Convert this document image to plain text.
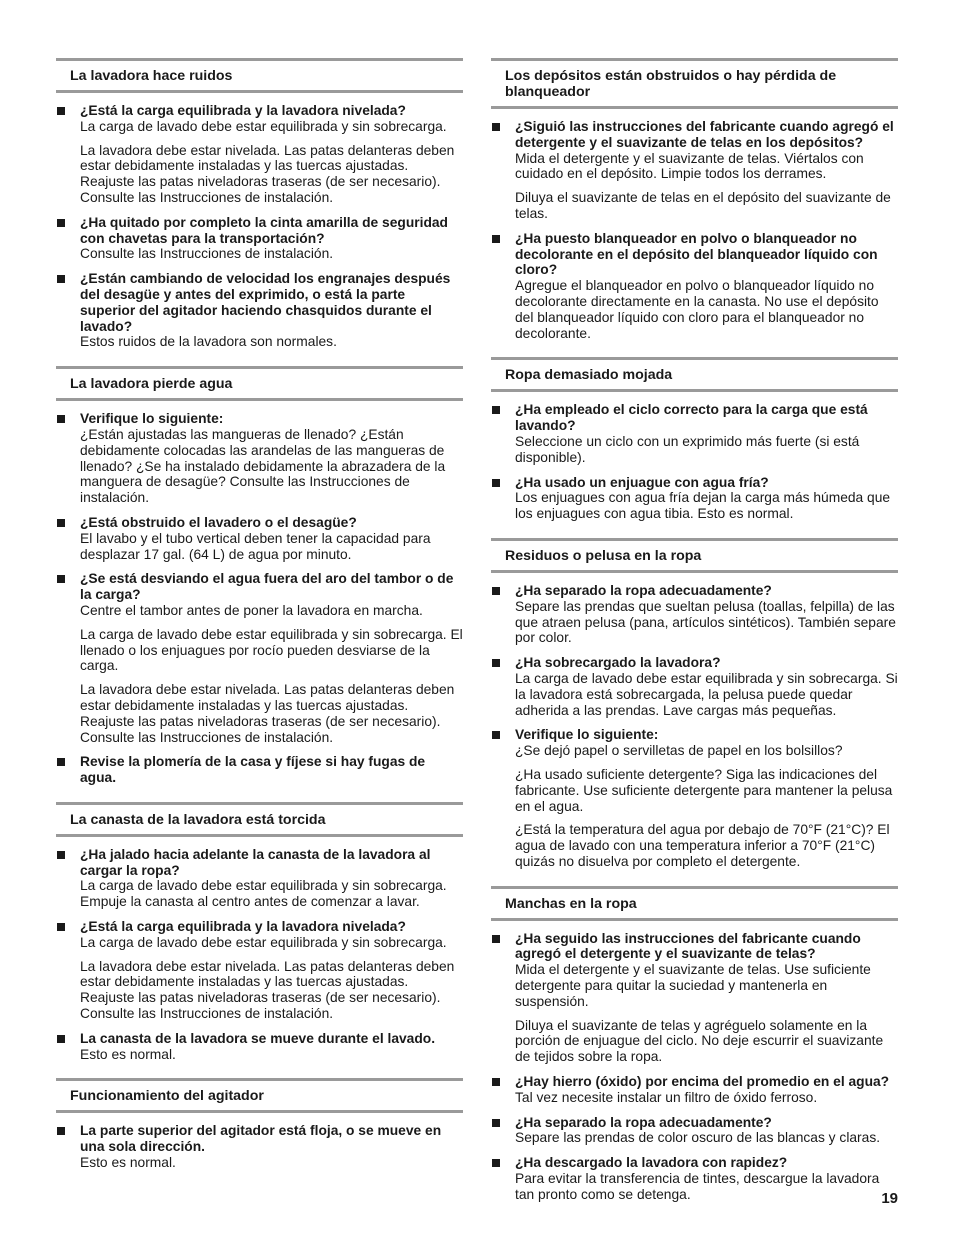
La lavadora hace ruidos
¿Está la carga equilibrada y la lavadora nivelada?
La carga de lavado debe estar equilibrada y sin sobrecarga.
La lavadora debe estar nivelada. Las patas delanteras deben estar debidamente instaladas y las tuercas ajustadas. Reajuste las patas niveladoras traseras (de ser necesario). Consulte las Instrucciones de instalación.
¿Ha quitado por completo la cinta amarilla de seguridad con chavetas para la transportación?
Consulte las Instrucciones de instalación.
¿Están cambiando de velocidad los engranajes después del desagüe y antes del exprimido, o está la parte superior del agitador haciendo chasquidos durante el lavado?
Estos ruidos de la lavadora son normales.
La lavadora pierde agua
Verifique lo siguiente:
¿Están ajustadas las mangueras de llenado? ¿Están debidamente colocadas las arandelas de las mangueras de llenado? ¿Se ha instalado debidamente la abrazadera de la manguera de desagüe? Consulte las Instrucciones de instalación.
¿Está obstruido el lavadero o el desagüe?
El lavabo y el tubo vertical deben tener la capacidad para desplazar 17 gal. (64 L) de agua por minuto.
¿Se está desviando el agua fuera del aro del tambor o de la carga?
Centre el tambor antes de poner la lavadora en marcha.
La carga de lavado debe estar equilibrada y sin sobrecarga. El llenado o los enjuagues por rocío pueden desviarse de la carga.
La lavadora debe estar nivelada. Las patas delanteras deben estar debidamente instaladas y las tuercas ajustadas. Reajuste las patas niveladoras traseras (de ser necesario). Consulte las Instrucciones de instalación.
Revise la plomería de la casa y fíjese si hay fugas de agua.
La canasta de la lavadora está torcida
¿Ha jalado hacia adelante la canasta de la lavadora al cargar la ropa?
La carga de lavado debe estar equilibrada y sin sobrecarga. Empuje la canasta al centro antes de comenzar a lavar.
¿Está la carga equilibrada y la lavadora nivelada?
La carga de lavado debe estar equilibrada y sin sobrecarga.
La lavadora debe estar nivelada. Las patas delanteras deben estar debidamente instaladas y las tuercas ajustadas. Reajuste las patas niveladoras traseras (de ser necesario). Consulte las Instrucciones de instalación.
La canasta de la lavadora se mueve durante el lavado.
Esto es normal.
Funcionamiento del agitador
La parte superior del agitador está floja, o se mueve en una sola dirección.
Esto es normal.
Los depósitos están obstruidos o hay pérdida de blanqueador
¿Siguió las instrucciones del fabricante cuando agregó el detergente y el suavizante de telas en los depósitos?
Mida el detergente y el suavizante de telas. Viértalos con cuidado en el depósito. Limpie todos los derrames.
Diluya el suavizante de telas en el depósito del suavizante de telas.
¿Ha puesto blanqueador en polvo o blanqueador no decolorante en el depósito del blanqueador líquido con cloro?
Agregue el blanqueador en polvo o blanqueador líquido no decolorante directamente en la canasta. No use el depósito del blanqueador líquido con cloro para el blanqueador no decolorante.
Ropa demasiado mojada
¿Ha empleado el ciclo correcto para la carga que está lavando?
Seleccione un ciclo con un exprimido más fuerte (si está disponible).
¿Ha usado un enjuague con agua fría?
Los enjuagues con agua fría dejan la carga más húmeda que los enjuagues con agua tibia. Esto es normal.
Residuos o pelusa en la ropa
¿Ha separado la ropa adecuadamente?
Separe las prendas que sueltan pelusa (toallas, felpilla) de las que atraen pelusa (pana, artículos sintéticos). También separe por color.
¿Ha sobrecargado la lavadora?
La carga de lavado debe estar equilibrada y sin sobrecarga. Si la lavadora está sobrecargada, la pelusa puede quedar adherida a las prendas. Lave cargas más pequeñas.
Verifique lo siguiente:
¿Se dejó papel o servilletas de papel en los bolsillos?
¿Ha usado suficiente detergente? Siga las indicaciones del fabricante. Use suficiente detergente para mantener la pelusa en el agua.
¿Está la temperatura del agua por debajo de 70°F (21°C)? El agua de lavado con una temperatura inferior a 70°F (21°C) quizás no disuelva por completo el detergente.
Manchas en la ropa
¿Ha seguido las instrucciones del fabricante cuando agregó el detergente y el suavizante de telas?
Mida el detergente y el suavizante de telas. Use suficiente detergente para quitar la suciedad y mantenerla en suspensión.
Diluya el suavizante de telas y agréguelo solamente en la porción de enjuague del ciclo. No deje escurrir el suavizante de tejidos sobre la ropa.
¿Hay hierro (óxido) por encima del promedio en el agua?
Tal vez necesite instalar un filtro de óxido ferroso.
¿Ha separado la ropa adecuadamente?
Separe las prendas de color oscuro de las blancas y claras.
¿Ha descargado la lavadora con rapidez?
Para evitar la transferencia de tintes, descargue la lavadora tan pronto como se detenga.	19
